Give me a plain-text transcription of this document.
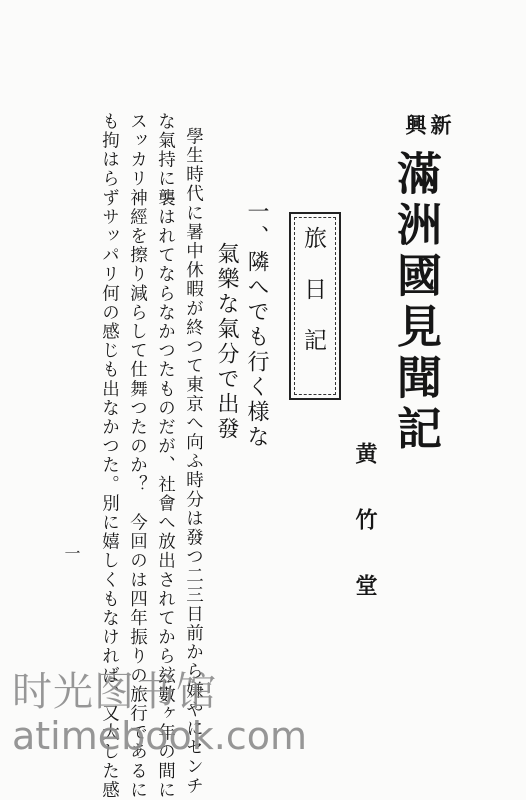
新
興
滿洲國見聞記
黄竹堂
旅日記
一、隣へでも行く様な
氣樂な氣分で出發
學生時代に暑中休暇が終つて東京へ向ふ時分は發つ二三日前から嫌やにセンチ
な氣持に襲はれてならなかつたものだが、社會へ放出されてから玆數ヶ年の間に
スッカリ神經を擦り減らして仕舞つたのか？　今回のは四年振りの旅行であるに
も拘はらずサッパリ何の感じも出なかつた。別に嬉しくもなければ、又大した感
一
时光图书馆
atimebook.com
